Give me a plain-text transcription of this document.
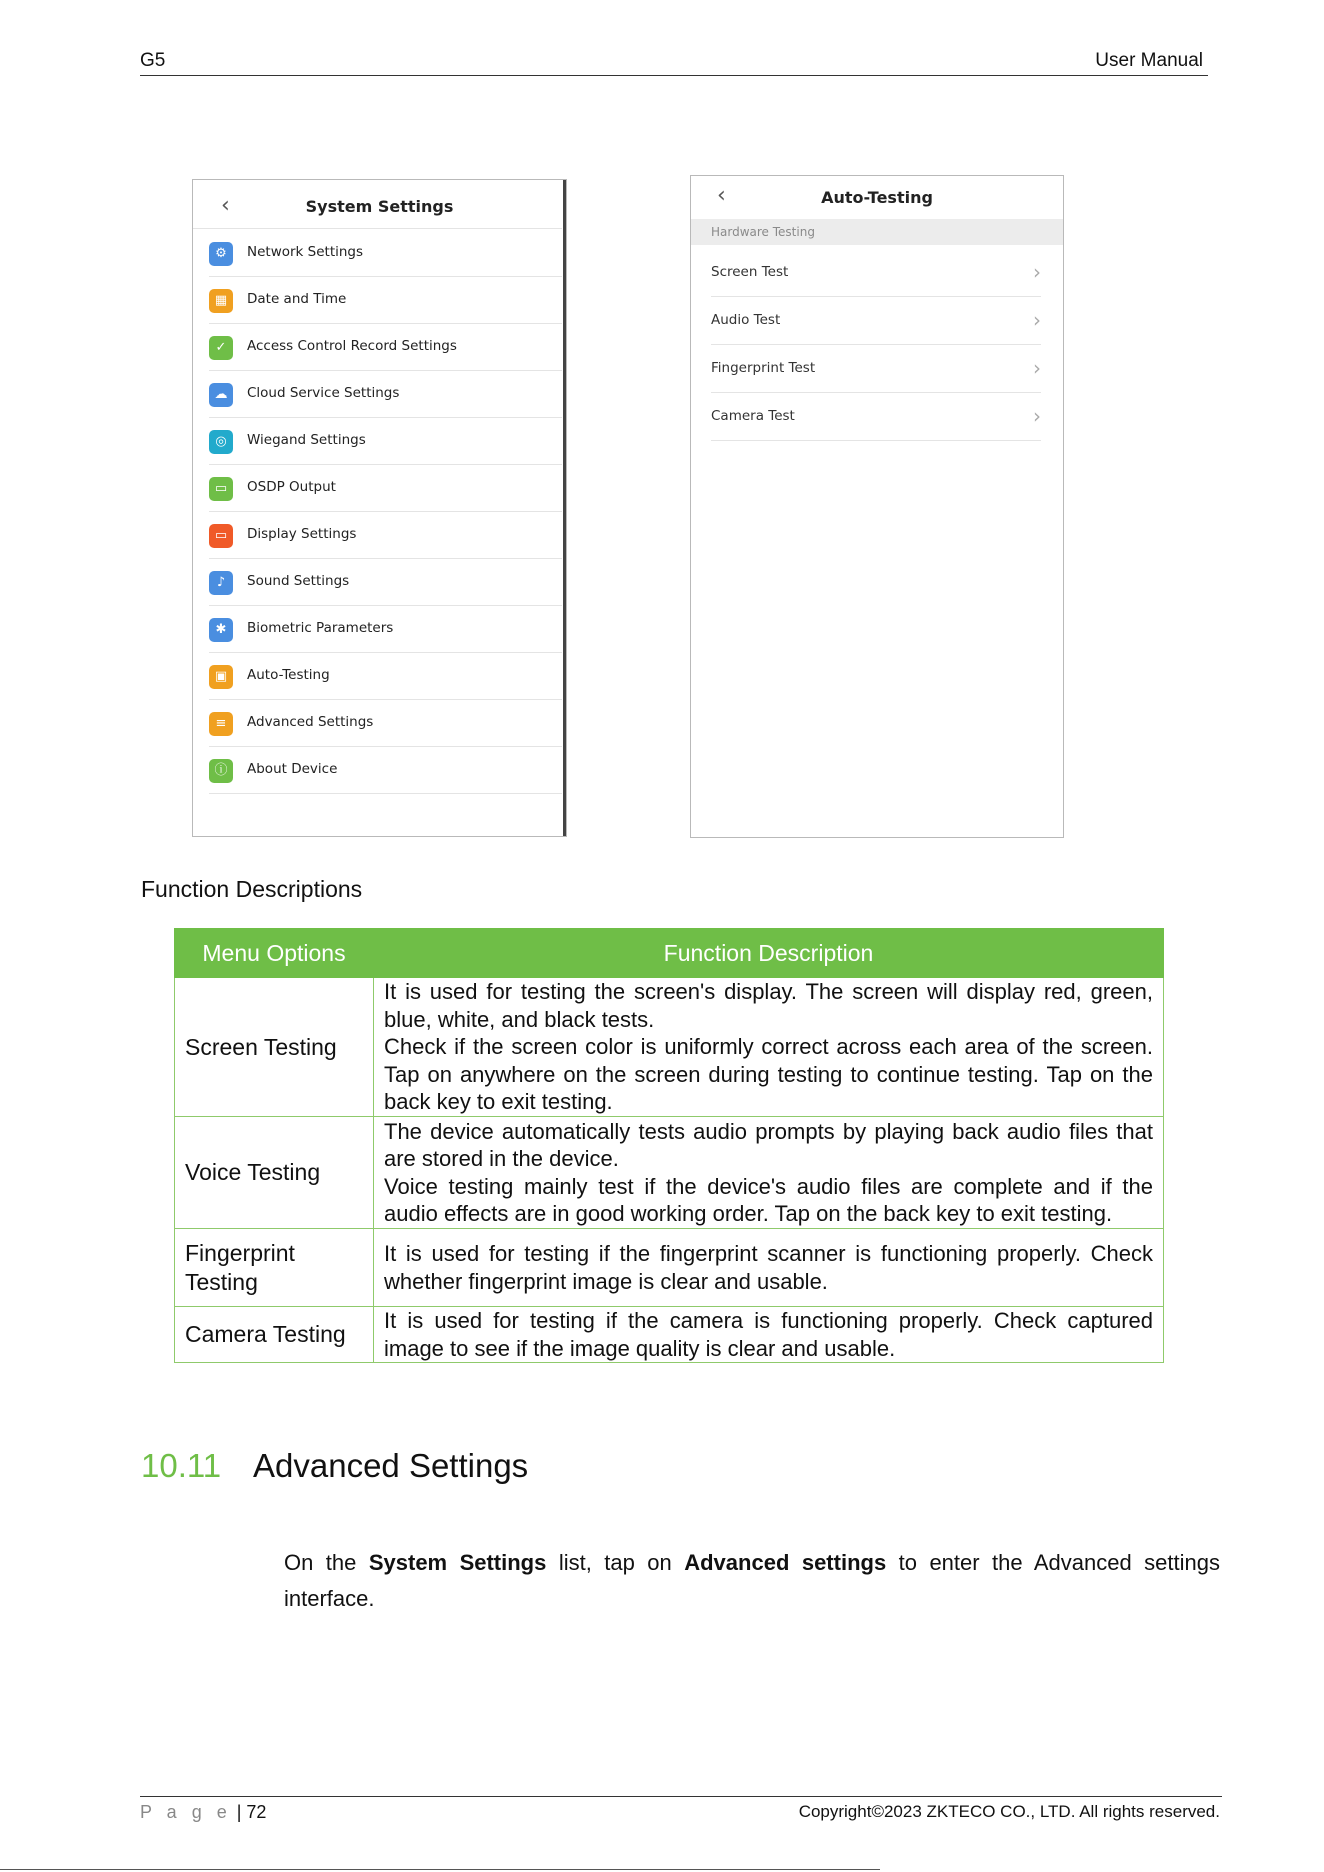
G5	User Manual
‹	System Settings
⚙	Network Settings
▦	Date and Time
✓	Access Control Record Settings
☁	Cloud Service Settings
◎	Wiegand Settings
▭	OSDP Output
▭	Display Settings
♪	Sound Settings
✱	Biometric Parameters
▣	Auto-Testing
≡	Advanced Settings
ⓘ	About Device
‹	Auto-Testing
Hardware Testing
Screen Test	›
Audio Test	›
Fingerprint Test	›
Camera Test	›
Function Descriptions
Menu Options	Function Description
Screen Testing	It is used for testing the screen's display. The screen will display red, green, blue, white, and black tests.
Check if the screen color is uniformly correct across each area of the screen. Tap on anywhere on the screen during testing to continue testing. Tap on the back key to exit testing.

Voice Testing	The device automatically tests audio prompts by playing back audio files that are stored in the device.
Voice testing mainly test if the device's audio files are complete and if the audio effects are in good working order. Tap on the back key to exit testing.

Fingerprint Testing	It is used for testing if the fingerprint scanner is functioning properly. Check whether fingerprint image is clear and usable.

Camera Testing	It is used for testing if the camera is functioning properly. Check captured image to see if the image quality is clear and usable.
10.11 Advanced Settings

On the System Settings list, tap on Advanced settings to enter the Advanced settings interface.

P a g e | 72	Copyright©2023 ZKTECO CO., LTD. All rights reserved.
